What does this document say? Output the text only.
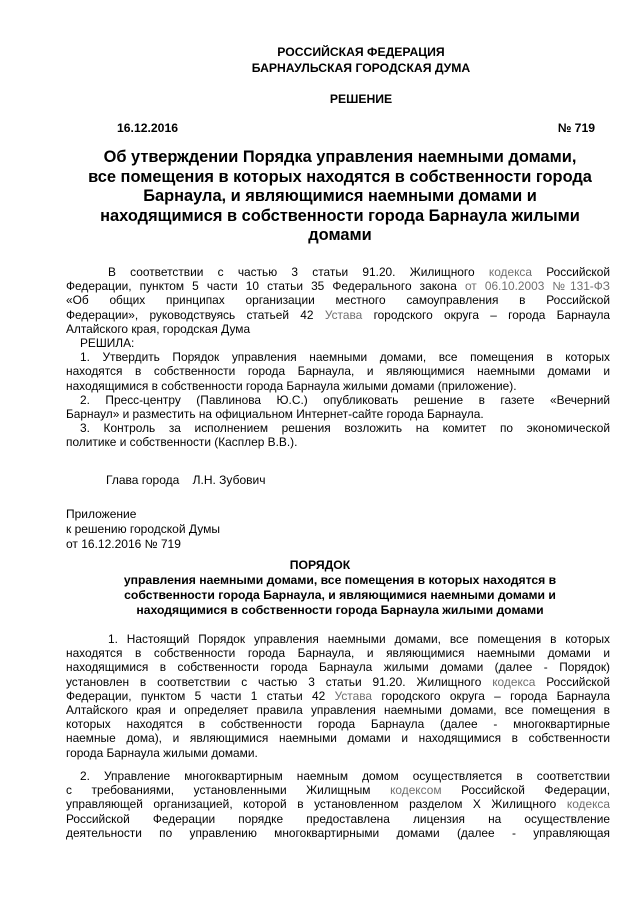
РОССИЙСКАЯ ФЕДЕРАЦИЯ
БАРНАУЛЬСКАЯ ГОРОДСКАЯ ДУМА
РЕШЕНИЕ
16.12.2016	№ 719
Об утверждении Порядка управления наемными домами,
все помещения в которых находятся в собственности города
Барнаула, и являющимися наемными домами и
находящимися в собственности города Барнаула жилыми
домами

В соответствии с частью 3 статьи 91.20. Жилищного кодекса Российской

Федерации, пунктом 5 части 10 статьи 35 Федерального закона от 06.10.2003 №131-ФЗ

«Об общих принципах организации местного самоуправления в Российской

Федерации», руководствуясь статьей 42 Устава городского округа – города Барнаула

Алтайского края, городская Дума

РЕШИЛА:

1. Утвердить Порядок управления наемными домами, все помещения в которых

находятся в собственности города Барнаула, и являющимися наемными домами и

находящимися в собственности города Барнаула жилыми домами (приложение).

2. Пресс-центру (Павлинова Ю.С.) опубликовать решение в газете «Вечерний

Барнаул» и разместить на официальном Интернет-сайте города Барнаула.

3. Контроль за исполнением решения возложить на комитет по экономической

политике и собственности (Касплер В.В.).

Глава города Л.Н. Зубович
Приложение
к решению городской Думы
от 16.12.2016 № 719
ПОРЯДОК
управления наемными домами, все помещения в которых находятся в
собственности города Барнаула, и являющимися наемными домами и
находящимися в собственности города Барнаула жилыми домами

1. Настоящий Порядок управления наемными домами, все помещения в которых

находятся в собственности города Барнаула, и являющимися наемными домами и

находящимися в собственности города Барнаула жилыми домами (далее - Порядок)

установлен в соответствии с частью 3 статьи 91.20. Жилищного кодекса Российской

Федерации, пунктом 5 части 1 статьи 42 Устава городского округа – города Барнаула

Алтайского края и определяет правила управления наемными домами, все помещения в

которых находятся в собственности города Барнаула (далее - многоквартирные

наемные дома), и являющимися наемными домами и находящимися в собственности

города Барнаула жилыми домами.

2. Управление многоквартирным наемным домом осуществляется в соответствии

с требованиями, установленными Жилищным кодексом Российской Федерации,

управляющей организацией, которой в установленном разделом X Жилищного кодекса

Российской Федерации порядке предоставлена лицензия на осуществление

деятельности по управлению многоквартирными домами (далее - управляющая
